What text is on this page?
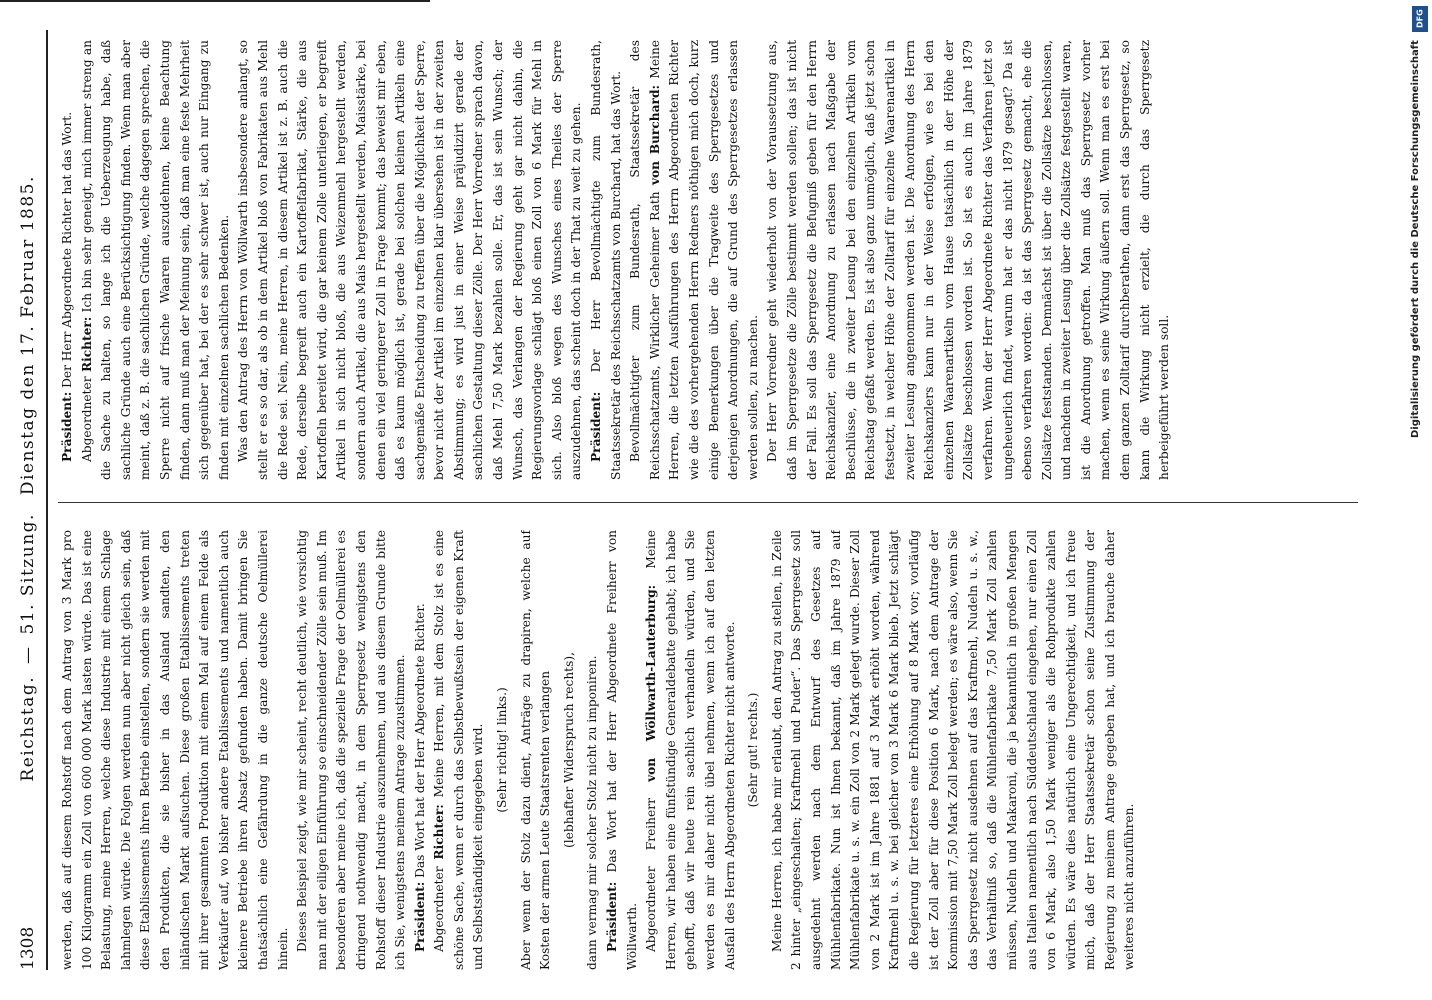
DFG
Digitalisierung gefördert durch die Deutsche Forschungsgemeinschaft
1308
Reichstag. — 51. Sitzung. Dienstag den 17. Februar 1885.

werden, daß auf diesem Rohstoff nach dem Antrag von 3 Mark pro 100 Kilogramm ein Zoll von 600 000 Mark lasten würde. Das ist eine Belastung, meine Herren, welche diese Industrie mit einem Schlage lahmlegen würde. Die Folgen werden nun aber nicht gleich sein, daß diese Etablissements ihren Betrieb einstellen, sondern sie werden mit den Produkten, die sie bisher in das Ausland sandten, den inländischen Markt aufsuchen. Diese großen Etablissements treten mit ihrer gesammten Produktion mit einem Mal auf einem Felde als Verkäufer auf, wo bisher andere Etablissements und namentlich auch kleinere Betriebe ihren Absatz gefunden haben. Damit bringen Sie thatsächlich eine Gefährdung in die ganze deutsche Oelmüllerei hinein. Dieses Beispiel zeigt, wie mir scheint, recht deutlich, wie vorsichtig man mit der eiligen Einführung so einschneidender Zölle sein muß. Im besonderen aber meine ich, daß die spezielle Frage der Oelmüllerei es dringend nothwendig macht, in dem Sperrgesetz wenigstens den Rohstoff dieser Industrie auszunehmen, und aus diesem Grunde bitte ich Sie, wenigstens meinem Antrage zuzustimmen. Präsident: Das Wort hat der Herr Abgeordnete Richter.

Abgeordneter Richter: Meine Herren, mit dem Stolz ist es eine schöne Sache, wenn er durch das Selbstbewußtsein der eigenen Kraft und Selbstständigkeit eingegeben wird. (Sehr richtig! links.) Aber wenn der Stolz dazu dient, Anträge zu drapiren, welche auf Kosten der armen Leute Staatsrenten verlangen (lebhafter Widerspruch rechts), dann vermag mir solcher Stolz nicht zu imponiren. Präsident: Das Wort hat der Herr Abgeordnete Freiherr von Wöllwarth. Abgeordneter Freiherr von Wöllwarth-Lauterburg: Meine Herren, wir haben eine fünfstündige Generaldebatte gehabt; ich habe gehofft, daß wir heute rein sachlich verhandeln würden, und Sie werden es mir daher nicht übel nehmen, wenn ich auf den letzten Ausfall des Herrn Abgeordneten Richter nicht antworte. (Sehr gut! rechts.) Meine Herren, ich habe mir erlaubt, den Antrag zu stellen, in Zeile 2 hinter „eingeschalten; Kraftmehl und Puder“. Das Sperrgesetz soll ausgedehnt werden nach dem Entwurf des Gesetzes auf Mühlenfabrikate. Nun ist Ihnen bekannt, daß im Jahre 1879 auf Mühlenfabrikate u. s. w. ein Zoll von 2 Mark gelegt wurde. Dieser Zoll von 2 Mark ist im Jahre 1881 auf 3 Mark erhöht worden, während Kraftmehl u. s. w. bei gleicher von 3 Mark 6 Mark blieb. Jetzt schlägt die Regierung für letzteres eine Erhöhung auf 8 Mark vor; vorläufig ist der Zoll aber für diese Position 6 Mark, nach dem Antrage der Kommission mit 7,50 Mark Zoll belegt werden; es wäre also, wenn Sie das Sperrgesetz nicht ausdehnen auf das Kraftmehl, Nudeln u. s. w., das Verhältniß so, daß die Mühlenfabrikate 7,50 Mark Zoll zahlen müssen, Nudeln und Makaroni, die ja bekanntlich in großen Mengen aus Italien namentlich nach Süddeutschland eingehen, nur einen Zoll von 6 Mark, also 1,50 Mark weniger als die Rohprodukte zahlen würden. Es wäre dies natürlich eine Ungerechtigkeit, und ich freue mich, daß der Herr Staatssekretär schon seine Zustimmung der Regierung zu meinem Antrage gegeben hat, und ich brauche daher weiteres nicht anzuführen.

Präsident: Der Herr Abgeordnete Richter hat das Wort.

Abgeordneter Richter: Ich bin sehr geneigt, mich immer streng an die Sache zu halten, so lange ich die Ueberzeugung habe, daß sachliche Gründe auch eine Berücksichtigung finden. Wenn man aber meint, daß z. B. die sachlichen Gründe, welche dagegen sprechen, die Sperre nicht auf frische Waaren auszudehnen, keine Beachtung finden, dann muß man der Meinung sein, daß man eine feste Mehrheit sich gegenüber hat, bei der es sehr schwer ist, auch nur Eingang zu finden mit einzelnen sachlichen Bedenken. Was den Antrag des Herrn von Wöllwarth insbesondere anlangt, so stellt er es so dar, als ob in dem Artikel bloß von Fabrikaten aus Mehl die Rede sei. Nein, meine Herren, in diesem Artikel ist z. B. auch die Rede, derselbe begreift auch ein Kartoffelfabrikat, Stärke, die aus Kartoffeln bereitet wird, die gar keinem Zolle unterliegen, er begreift Artikel in sich nicht bloß, die aus Weizenmehl hergestellt werden, sondern auch Artikel, die aus Mais hergestellt werden, Maisstärke, bei denen ein viel geringerer Zoll in Frage kommt; das beweist mir eben, daß es kaum möglich ist, gerade bei solchen kleinen Artikeln eine sachgemäße Entscheidung zu treffen über die Möglichkeit der Sperre, bevor nicht der Artikel im einzelnen klar übersehen ist in der zweiten Abstimmung; es wird just in einer Weise präjudizirt gerade der sachlichen Gestaltung dieser Zölle. Der Herr Vorredner sprach davon, daß Mehl 7,50 Mark bezahlen solle. Er, das ist sein Wunsch; der Wunsch, das Verlangen der Regierung geht gar nicht dahin, die Regierungsvorlage schlägt bloß einen Zoll von 6 Mark für Mehl in sich. Also bloß wegen des Wunsches eines Theiles der Sperre auszudehnen, das scheint doch in der That zu weit zu gehen. Präsident: Der Herr Bevollmächtigte zum Bundesrath, Staatssekretär des Reichsschatzamts von Burchard, hat das Wort. Bevollmächtigter zum Bundesrath, Staatssekretär des Reichsschatzamts, Wirklicher Geheimer Rath von Burchard: Meine Herren, die letzten Ausführungen des Herrn Abgeordneten Richter wie die des vorhergehenden Herrn Redners nöthigen mich doch, kurz einige Bemerkungen über die Tragweite des Sperrgesetzes und derjenigen Anordnungen, die auf Grund des Sperrgesetzes erlassen werden sollen, zu machen. Der Herr Vorredner geht wiederholt von der Voraussetzung aus, daß im Sperrgesetze die Zölle bestimmt werden sollen; das ist nicht der Fall. Es soll das Sperrgesetz die Befugniß geben für den Herrn Reichskanzler, eine Anordnung zu erlassen nach Maßgabe der Beschlüsse, die in zweiter Lesung bei den einzelnen Artikeln vom Reichstag gefaßt werden. Es ist also ganz unmöglich, daß jetzt schon festsetzt, in welcher Höhe der Zolltarif für einzelne Waarenartikel in zweiter Lesung angenommen werden ist. Die Anordnung des Herrn Reichskanzlers kann nur in der Weise erfolgen, wie es bei den einzelnen Waarenartikeln vom Hause tatsächlich in der Höhe der Zollsätze beschlossen worden ist. So ist es auch im Jahre 1879 verfahren. Wenn der Herr Abgeordnete Richter das Verfahren jetzt so ungeheuerlich findet, warum hat er das nicht 1879 gesagt? Da ist ebenso verfahren worden: da ist das Sperrgesetz gemacht, ehe die Zollsätze feststanden. Demnächst ist über die Zollsätze beschlossen, und nachdem in zweiter Lesung über die Zollsätze festgestellt waren, ist die Anordnung getroffen. Man muß das Sperrgesetz vorher machen, wenn es seine Wirkung äußern soll. Wenn man es erst bei dem ganzen Zolltarif durchberathen, dann erst das Sperrgesetz, so kann die Wirkung nicht erzielt, die durch das Sperrgesetz herbeigeführt werden soll.
